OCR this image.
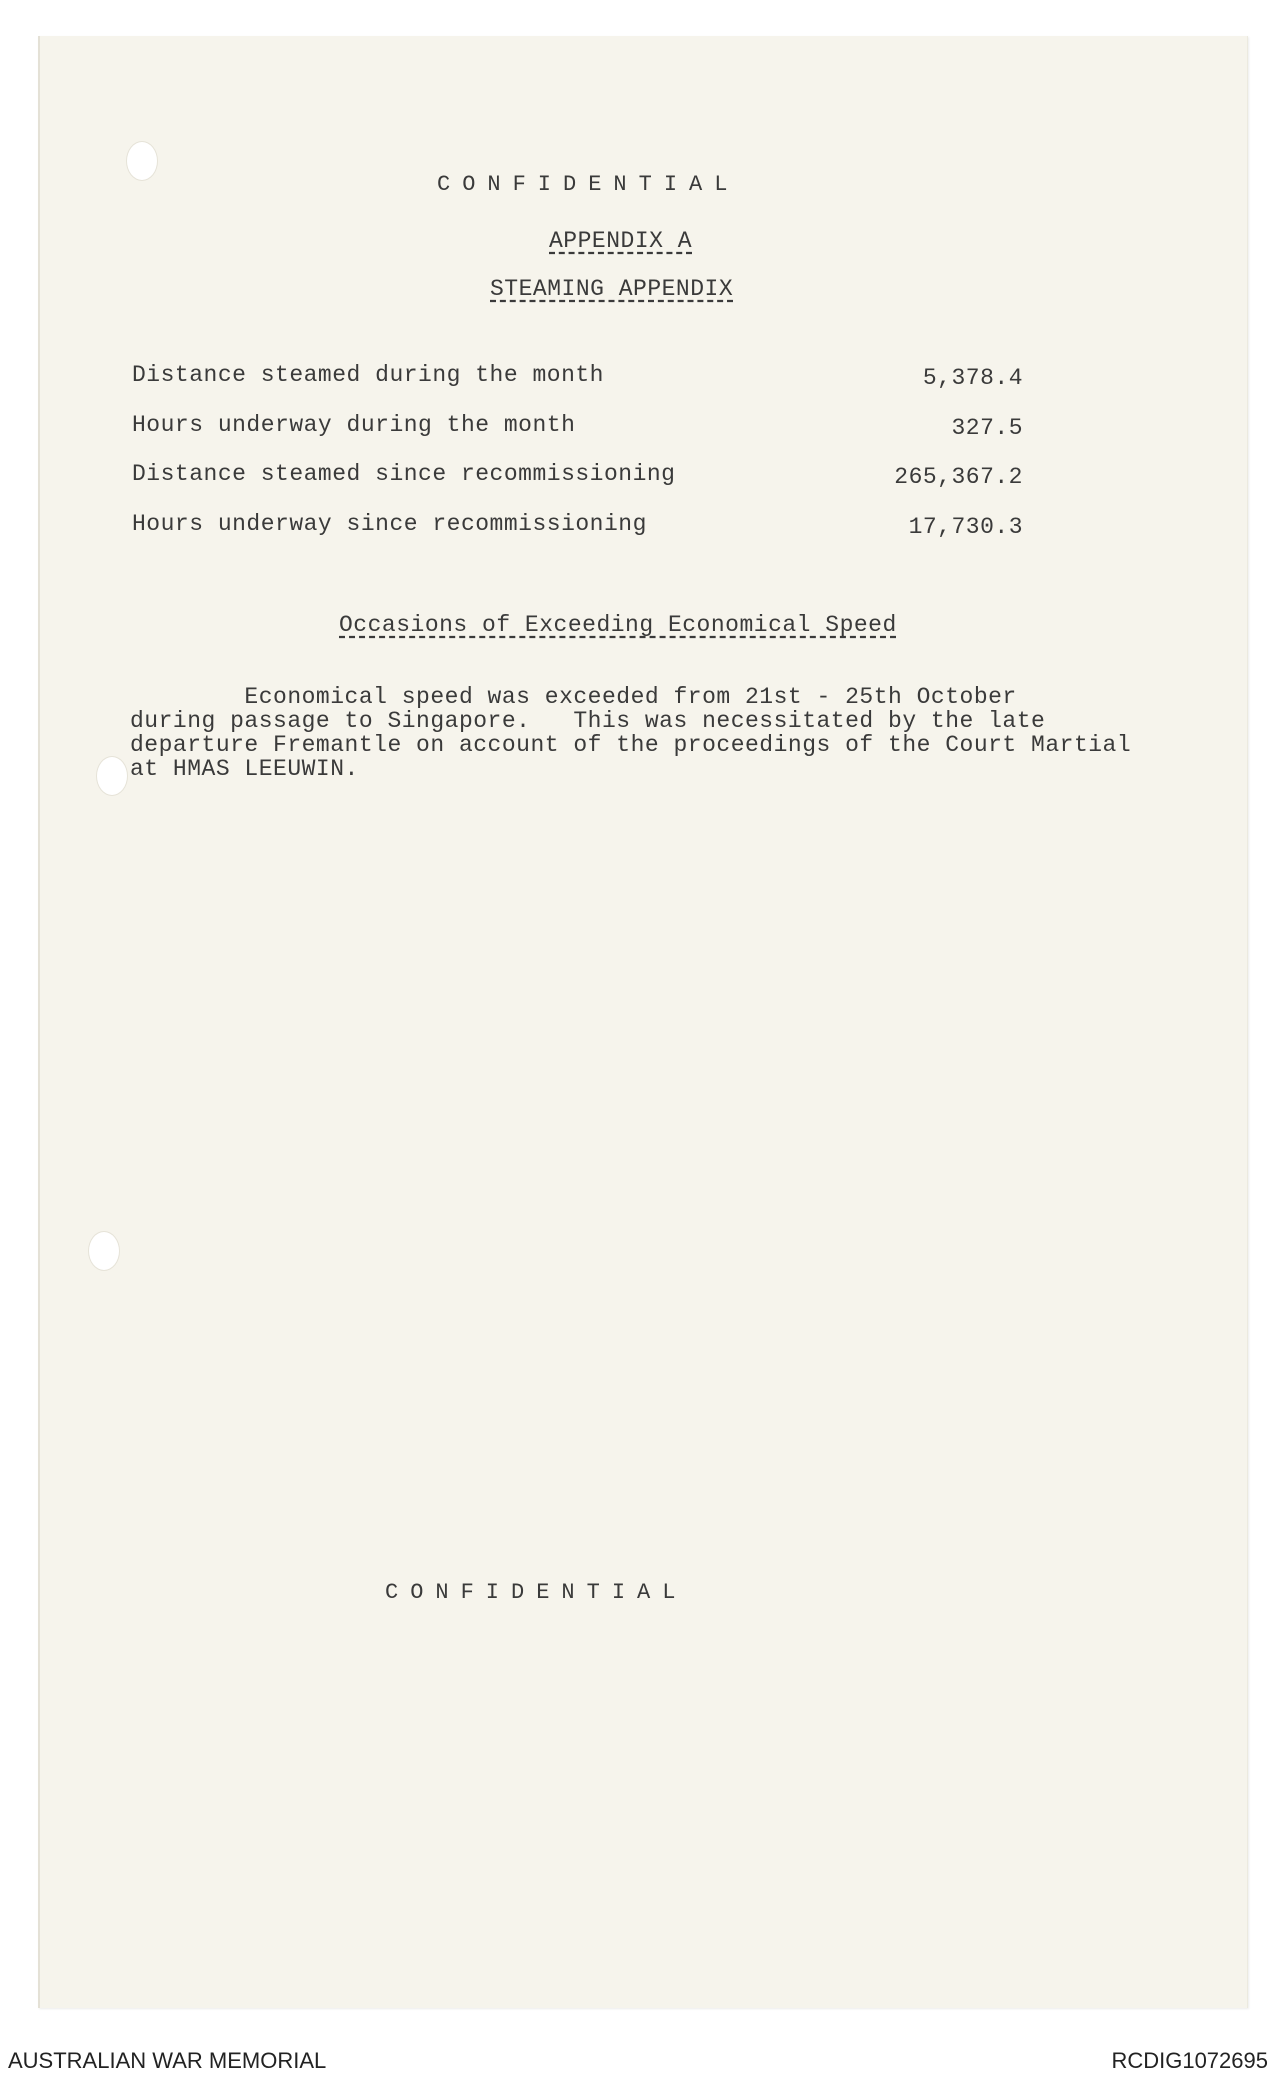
CONFIDENTIAL
APPENDIX A
STEAMING APPENDIX
Distance steamed during the month	5,378.4
Hours underway during the month	327.5
Distance steamed since recommissioning	265,367.2
Hours underway since recommissioning	17,730.3
Occasions of Exceeding Economical Speed
Economical speed was exceeded from 21st - 25th October
during passage to Singapore.   This was necessitated by the late
departure Fremantle on account of the proceedings of the Court Martial
at HMAS LEEUWIN.
CONFIDENTIAL
AUSTRALIAN WAR MEMORIAL	RCDIG1072695
